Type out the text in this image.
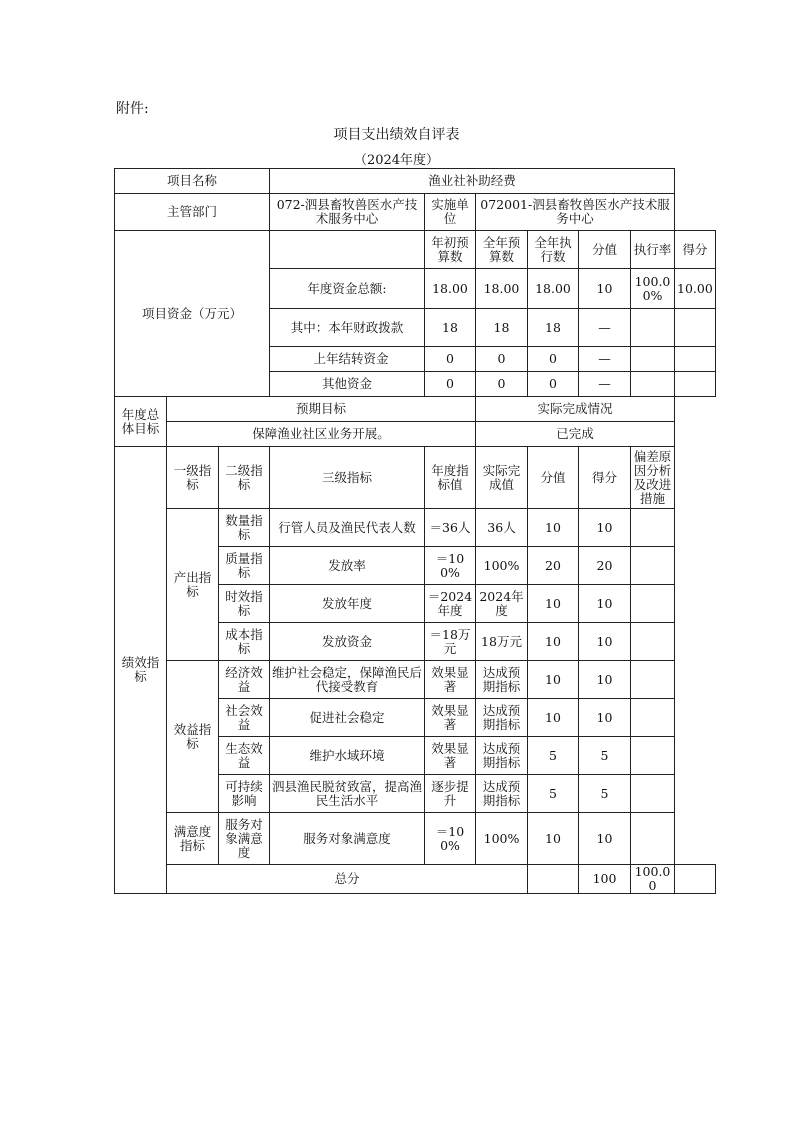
附件:
项目支出绩效自评表
（2024年度）
项目名称			渔业社补助经费						
主管部门			072-泗县畜牧兽医水产技术服务中心	实施单位	072001-泗县畜牧兽医水产技术服务中心				
项目资金（万元）				年初预算数	全年预算数	全年执行数	分值	执行率	得分
			年度资金总额:	18.00	18.00	18.00	10	100.00%	10.00
			其中：本年财政拨款	18	18	18	—		
			上年结转资金	0	0	0	—		
			其他资金	0	0	0	—		
年度总体目标	预期目标				实际完成情况				
	保障渔业社区业务开展。				已完成				
绩效指标	一级指标	二级指标	三级指标	年度指标值	实际完成值	分值	得分	偏差原因分析及改进措施	
	产出指标	数量指标	行管人员及渔民代表人数	＝36人	36人	10	10		
		质量指标	发放率	＝100%	100%	20	20		
		时效指标	发放年度	＝2024年度	2024年度	10	10		
		成本指标	发放资金	＝18万元	18万元	10	10		
	效益指标	经济效益	维护社会稳定，保障渔民后代接受教育	效果显著	达成预期指标	10	10		
		社会效益	促进社会稳定	效果显著	达成预期指标	10	10		
		生态效益	维护水域环境	效果显著	达成预期指标	5	5		
		可持续影响	泗县渔民脱贫致富，提高渔民生活水平	逐步提升	达成预期指标	5	5		
	满意度指标	服务对象满意度	服务对象满意度	＝100%	100%	10	10		
	总分						100	100.00	
